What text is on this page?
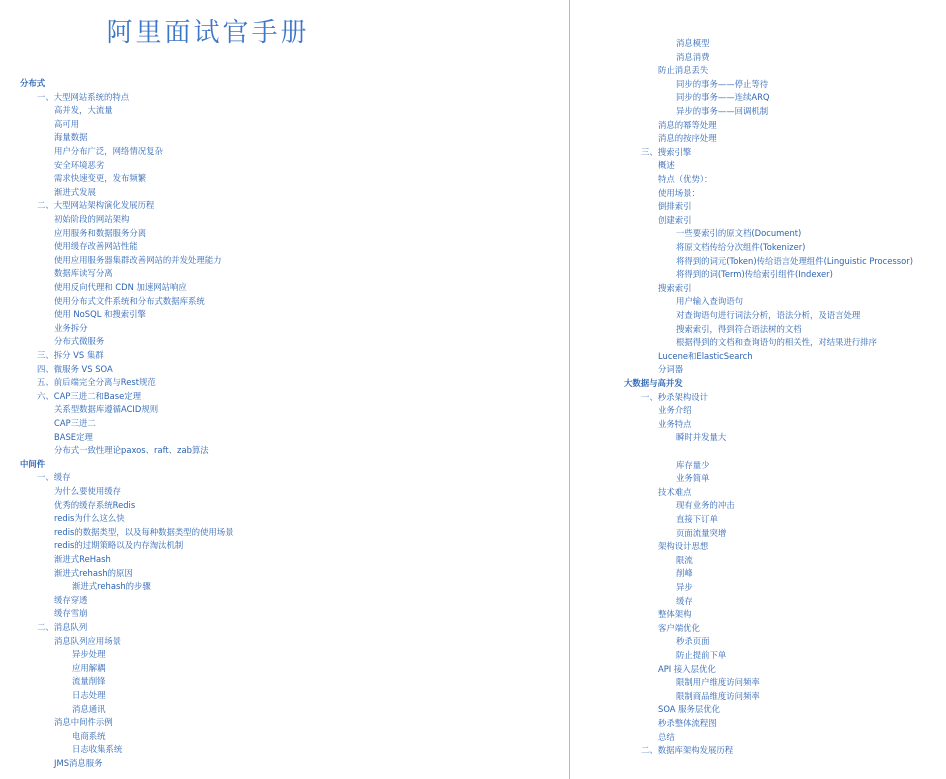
阿里面试官手册
分布式
一、大型网站系统的特点
高并发，大流量
高可用
海量数据
用户分布广泛，网络情况复杂
安全环境恶劣
需求快速变更，发布频繁
渐进式发展
二、大型网站架构演化发展历程
初始阶段的网站架构
应用服务和数据服务分离
使用缓存改善网站性能
使用应用服务器集群改善网站的并发处理能力
数据库读写分离
使用反向代理和 CDN 加速网站响应
使用分布式文件系统和分布式数据库系统
使用 NoSQL 和搜索引擎
业务拆分
分布式微服务
三、拆分 VS 集群
四、微服务 VS SOA
五、前后端完全分离与Rest规范
六、CAP三进二和Base定理
关系型数据库遵循ACID规则
CAP三进二
BASE定理
分布式一致性理论paxos、raft、zab算法
中间件
一、缓存
为什么要使用缓存
优秀的缓存系统Redis
redis为什么这么快
redis的数据类型，以及每种数据类型的使用场景
redis的过期策略以及内存淘汰机制
渐进式ReHash
渐进式rehash的原因
渐进式rehash的步骤
缓存穿透
缓存雪崩
二、消息队列
消息队列应用场景
异步处理
应用解耦
流量削锋
日志处理
消息通讯
消息中间件示例
电商系统
日志收集系统
JMS消息服务
消息模型
消息消费
防止消息丢失
同步的事务——停止等待
同步的事务——连续ARQ
异步的事务——回调机制
消息的幂等处理
消息的按序处理
三、搜索引擎
概述
特点（优势）：
使用场景：
倒排索引
创建索引
一些要索引的原文档(Document)
将原文档传给分次组件(Tokenizer)
将得到的词元(Token)传给语言处理组件(Linguistic Processor)
将得到的词(Term)传给索引组件(Indexer)
搜索索引
用户输入查询语句
对查询语句进行词法分析，语法分析，及语言处理
搜索索引，得到符合语法树的文档
根据得到的文档和查询语句的相关性，对结果进行排序
Lucene和ElasticSearch
分词器
大数据与高并发
一、秒杀架构设计
业务介绍
业务特点
瞬时并发量大
库存量少
业务简单
技术难点
现有业务的冲击
直接下订单
页面流量突增
架构设计思想
限流
削峰
异步
缓存
整体架构
客户端优化
秒杀页面
防止提前下单
API 接入层优化
限制用户维度访问频率
限制商品维度访问频率
SOA 服务层优化
秒杀整体流程图
总结
二、数据库架构发展历程
